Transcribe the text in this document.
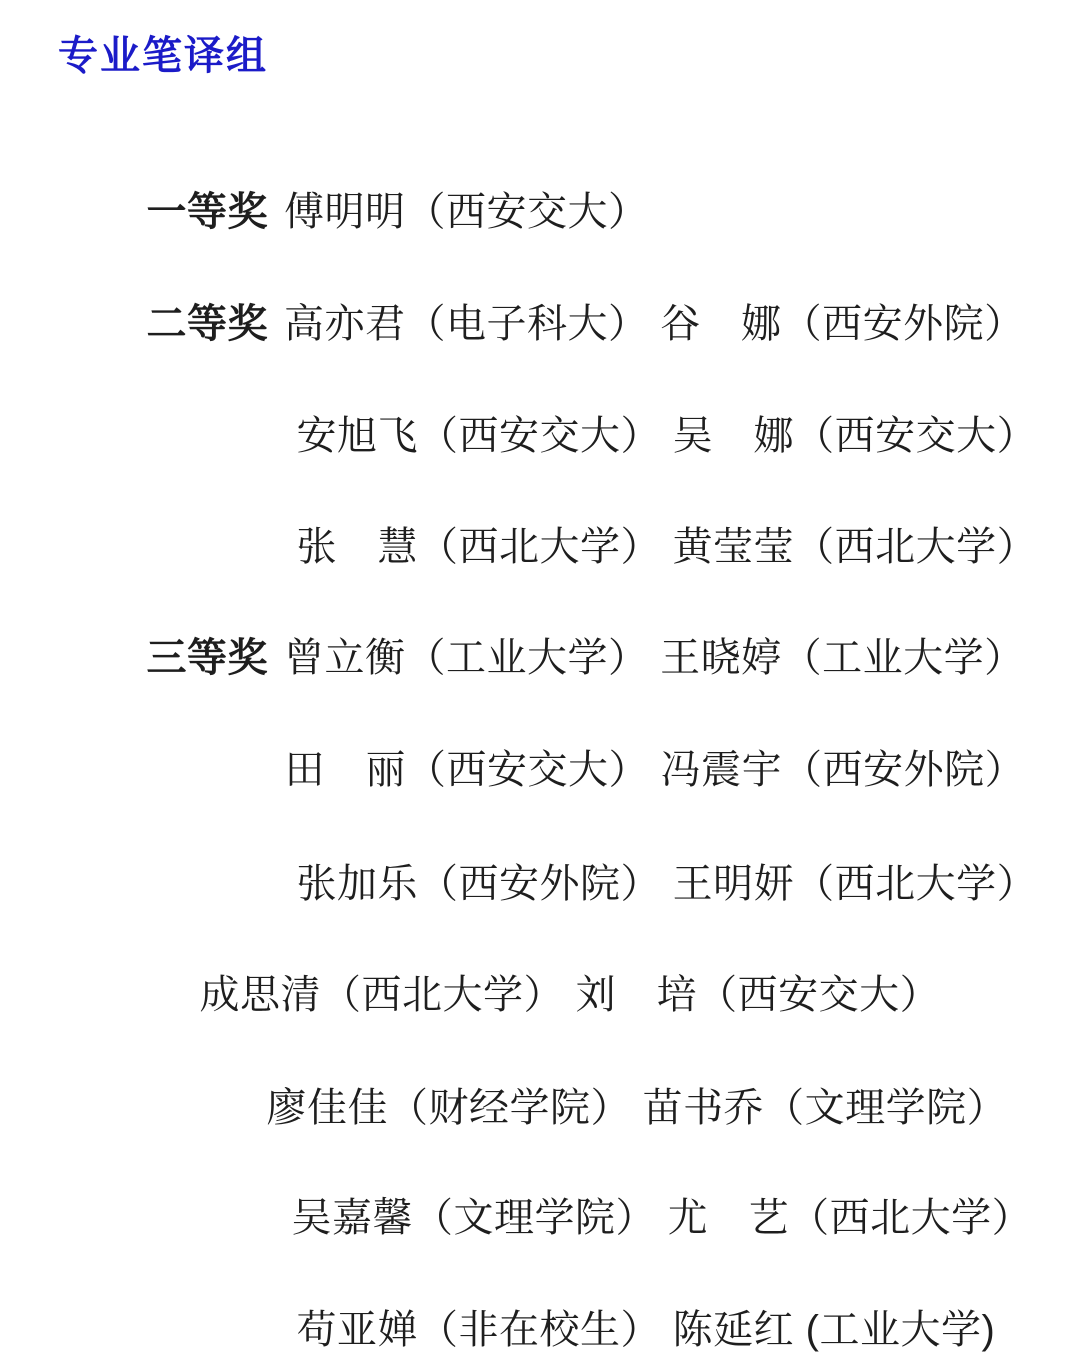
专业笔译组

一等奖 傅明明（西安交大）

二等奖 高亦君（电子科大） 谷　娜（西安外院）

安旭飞（西安交大） 吴　娜（西安交大）

张　慧（西北大学） 黄莹莹（西北大学）

三等奖 曾立衡（工业大学） 王晓婷（工业大学）

田　丽（西安交大） 冯震宇（西安外院）

张加乐（西安外院） 王明妍（西北大学）

成思清（西北大学） 刘　培（西安交大）

廖佳佳（财经学院） 苗书乔（文理学院）

吴嘉馨（文理学院） 尤　艺（西北大学）

苟亚婵（非在校生） 陈延红 (工业大学)
